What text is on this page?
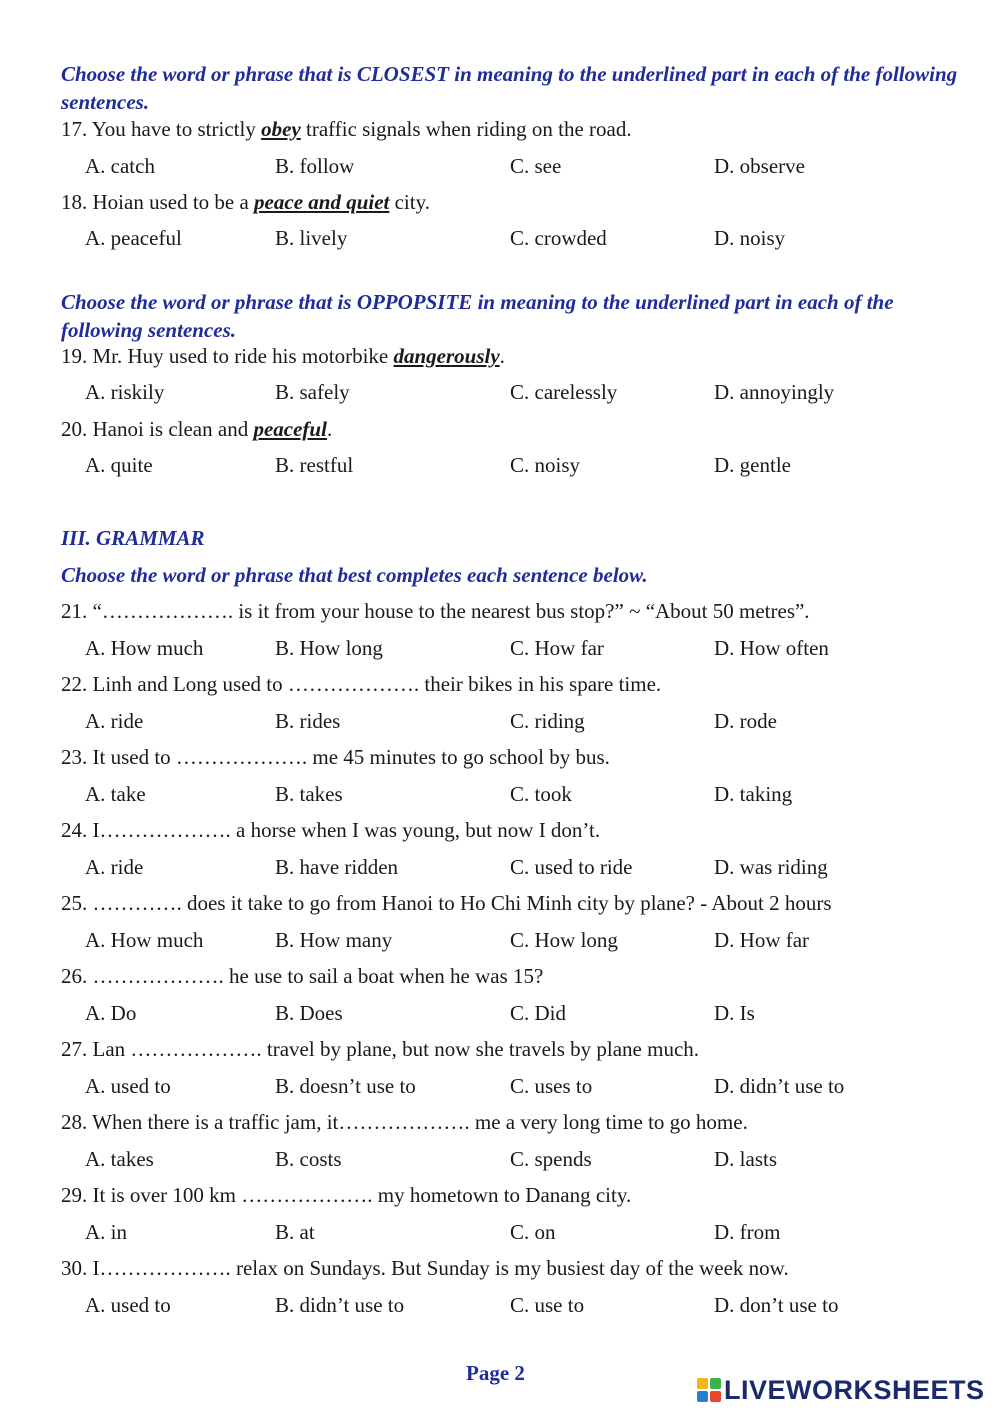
Choose the word or phrase that is CLOSEST in meaning to the underlined part in each of the following sentences.
17. You have to strictly obey traffic signals when riding on the road.
A. catch	B. follow	C. see	D. observe
18. Hoian used to be a peace and quiet city.
A. peaceful	B. lively	C. crowded	D. noisy
Choose the word or phrase that is OPPOPSITE in meaning to the underlined part in each of the following sentences.
19. Mr. Huy used to ride his motorbike dangerously.
A. riskily	B. safely	C. carelessly	D. annoyingly
20. Hanoi is clean and peaceful.
A. quite	B. restful	C. noisy	D. gentle
III. GRAMMAR
Choose the word or phrase that best completes each sentence below.
21. “………………. is it from your house to the nearest bus stop?” ~ “About 50 metres”.
A. How much	B. How long	C. How far	D. How often
22. Linh and Long used to ………………. their bikes in his spare time.
A. ride	B. rides	C. riding	D. rode
23. It used to ………………. me 45 minutes to go school by bus.
A. take	B. takes	C. took	D. taking
24. I………………. a horse when I was young, but now I don’t.
A. ride	B. have ridden	C. used to ride	D. was riding
25. …………. does it take to go from Hanoi to Ho Chi Minh city by plane? - About 2 hours
A. How much	B. How many	C. How long	D. How far
26. ………………. he use to sail a boat when he was 15?
A. Do	B. Does	C. Did	D. Is
27. Lan ………………. travel by plane, but now she travels by plane much.
A. used to	B. doesn’t use to	C. uses to	D. didn’t use to
28. When there is a traffic jam, it………………. me a very long time to go home.
A. takes	B. costs	C. spends	D. lasts
29. It is over 100 km ………………. my hometown to Danang city.
A. in	B. at	C. on	D. from
30. I………………. relax on Sundays. But Sunday is my busiest day of the week now.
A. used to	B. didn’t use to	C. use to	D. don’t use to
Page 2
LIVEWORKSHEETS
